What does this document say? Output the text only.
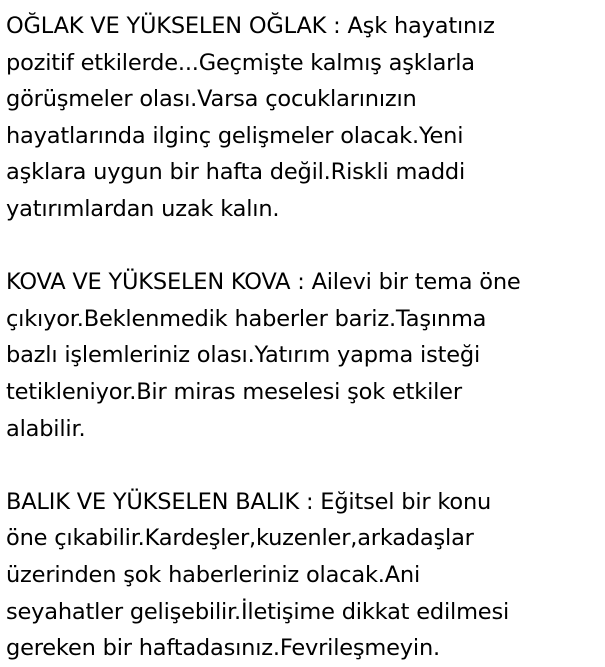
OĞLAK VE YÜKSELEN OĞLAK : Aşk hayatınız
pozitif etkilerde...Geçmişte kalmış aşklarla
görüşmeler olası.Varsa çocuklarınızın
hayatlarında ilginç gelişmeler olacak.Yeni
aşklara uygun bir hafta değil.Riskli maddi
yatırımlardan uzak kalın.
KOVA VE YÜKSELEN KOVA : Ailevi bir tema öne
çıkıyor.Beklenmedik haberler bariz.Taşınma
bazlı işlemleriniz olası.Yatırım yapma isteği
tetikleniyor.Bir miras meselesi şok etkiler
alabilir.
BALIK VE YÜKSELEN BALIK : Eğitsel bir konu
öne çıkabilir.Kardeşler,kuzenler,arkadaşlar
üzerinden şok haberleriniz olacak.Ani
seyahatler gelişebilir.İletişime dikkat edilmesi
gereken bir haftadasınız.Fevrileşmeyin.
